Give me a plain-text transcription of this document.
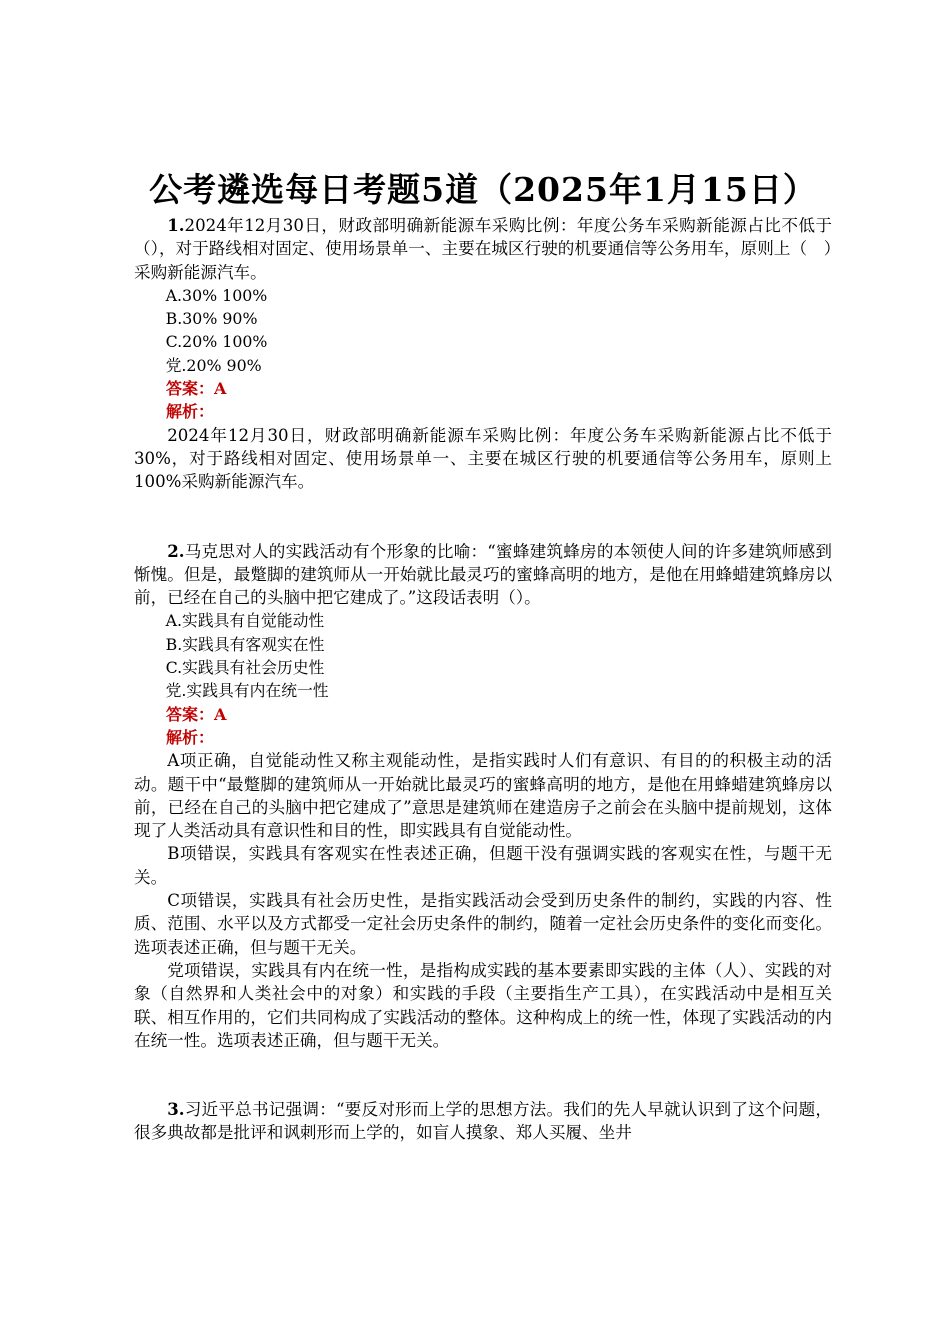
公考遴选每日考题5道（2025年1月15日）

1.2024年12月30日，财政部明确新能源车采购比例：年度公务车采购新能源占比不低于（），对于路线相对固定、使用场景单一、主要在城区行驶的机要通信等公务用车，原则上（　）采购新能源汽车。

A.30% 100%

B.30% 90%

C.20% 100%

党.20% 90%

答案：A

解析：

2024年12月30日，财政部明确新能源车采购比例：年度公务车采购新能源占比不低于30%，对于路线相对固定、使用场景单一、主要在城区行驶的机要通信等公务用车，原则上100%采购新能源汽车。

2.马克思对人的实践活动有个形象的比喻：“蜜蜂建筑蜂房的本领使人间的许多建筑师感到惭愧。但是，最蹩脚的建筑师从一开始就比最灵巧的蜜蜂高明的地方，是他在用蜂蜡建筑蜂房以前，已经在自己的头脑中把它建成了。”这段话表明（）。

A.实践具有自觉能动性

B.实践具有客观实在性

C.实践具有社会历史性

党.实践具有内在统一性

答案：A

解析：

A项正确，自觉能动性又称主观能动性，是指实践时人们有意识、有目的的积极主动的活动。题干中“最蹩脚的建筑师从一开始就比最灵巧的蜜蜂高明的地方，是他在用蜂蜡建筑蜂房以前，已经在自己的头脑中把它建成了”意思是建筑师在建造房子之前会在头脑中提前规划，这体现了人类活动具有意识性和目的性，即实践具有自觉能动性。

B项错误，实践具有客观实在性表述正确，但题干没有强调实践的客观实在性，与题干无关。

C项错误，实践具有社会历史性，是指实践活动会受到历史条件的制约，实践的内容、性质、范围、水平以及方式都受一定社会历史条件的制约，随着一定社会历史条件的变化而变化。选项表述正确，但与题干无关。

党项错误，实践具有内在统一性，是指构成实践的基本要素即实践的主体（人）、实践的对象（自然界和人类社会中的对象）和实践的手段（主要指生产工具），在实践活动中是相互关联、相互作用的，它们共同构成了实践活动的整体。这种构成上的统一性，体现了实践活动的内在统一性。选项表述正确，但与题干无关。

3.习近平总书记强调：“要反对形而上学的思想方法。我们的先人早就认识到了这个问题，很多典故都是批评和讽刺形而上学的，如盲人摸象、郑人买履、坐井
